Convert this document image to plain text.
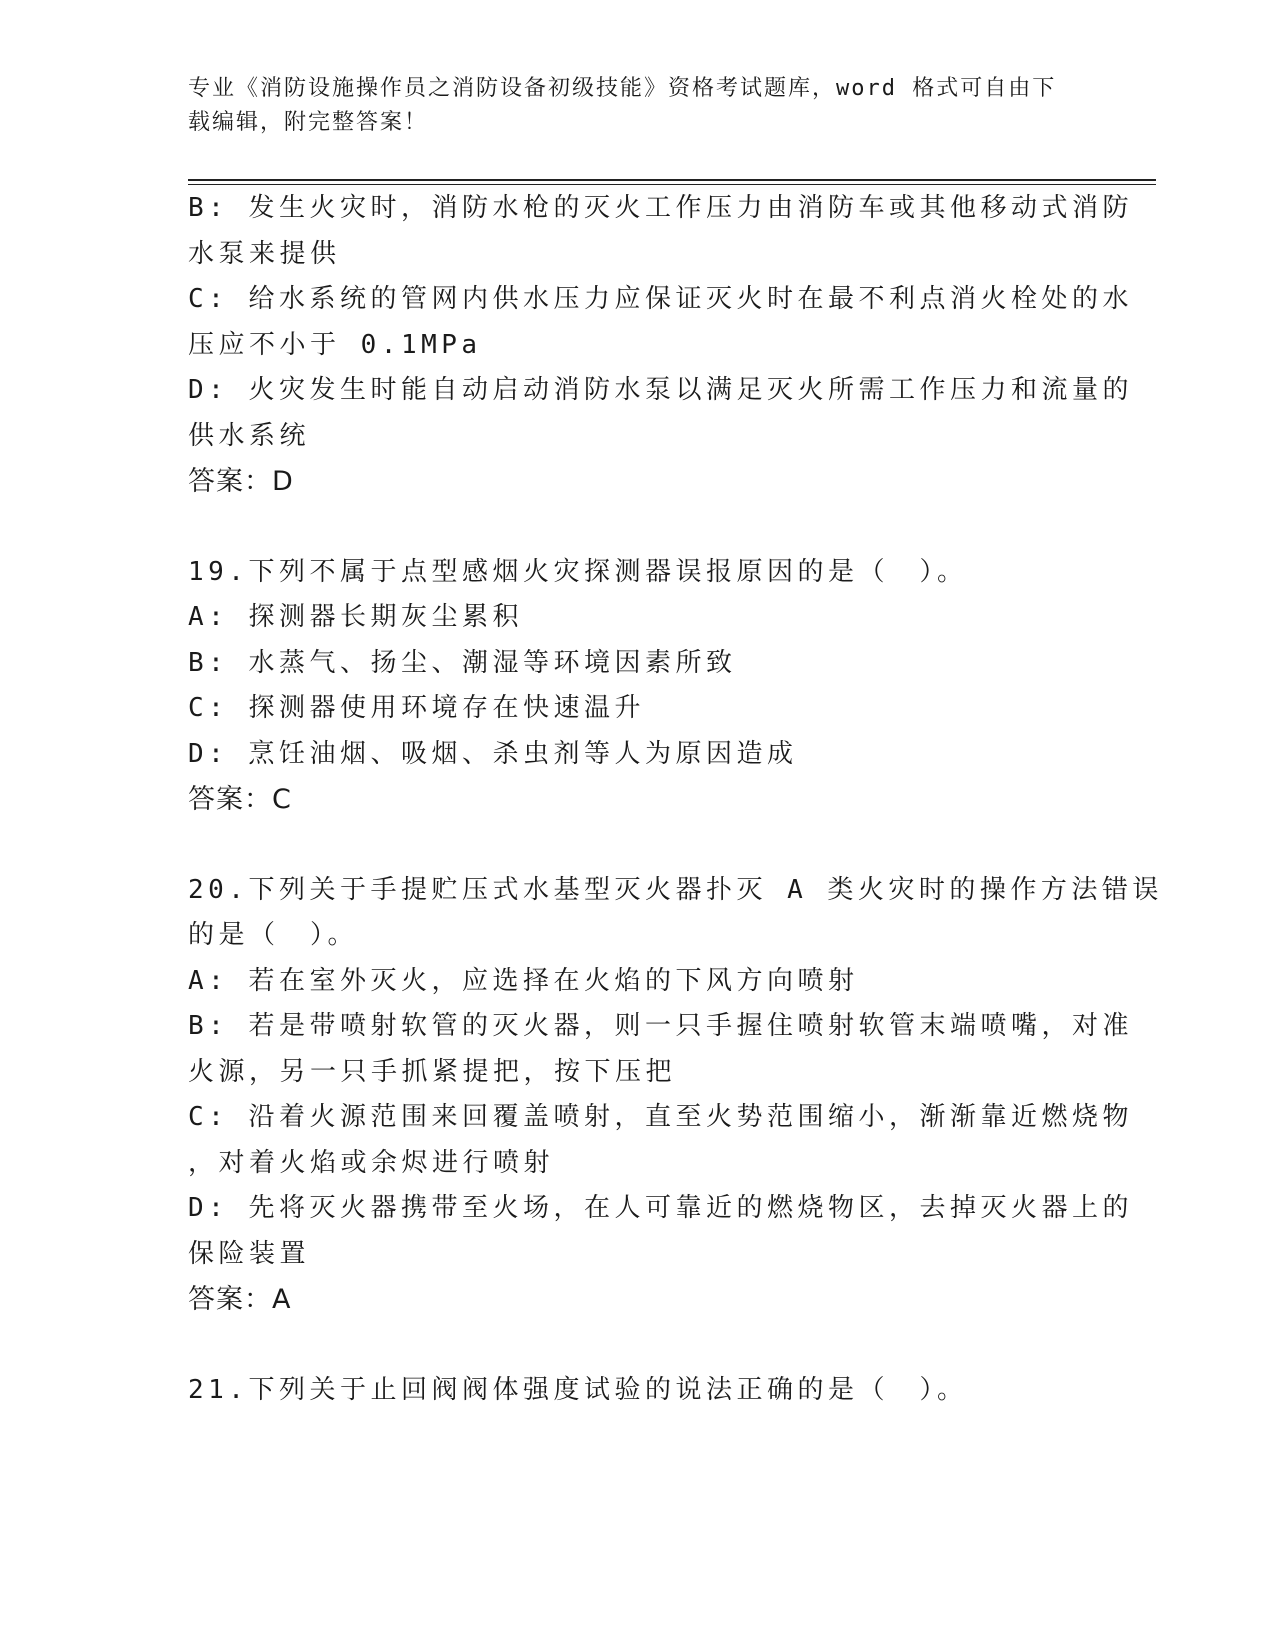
专业《消防设施操作员之消防设备初级技能》资格考试题库，word 格式可自由下
载编辑，附完整答案！

B: 发生火灾时，消防水枪的灭火工作压力由消防车或其他移动式消防

水泵来提供

C: 给水系统的管网内供水压力应保证灭火时在最不利点消火栓处的水

压应不小于 0.1MPa

D: 火灾发生时能自动启动消防水泵以满足灭火所需工作压力和流量的

供水系统

答案：D

19.下列不属于点型感烟火灾探测器误报原因的是（　）。

A: 探测器长期灰尘累积

B: 水蒸气、扬尘、潮湿等环境因素所致

C: 探测器使用环境存在快速温升

D: 烹饪油烟、吸烟、杀虫剂等人为原因造成

答案：C

20.下列关于手提贮压式水基型灭火器扑灭 A 类火灾时的操作方法错误

的是（　）。

A: 若在室外灭火，应选择在火焰的下风方向喷射

B: 若是带喷射软管的灭火器，则一只手握住喷射软管末端喷嘴，对准

火源，另一只手抓紧提把，按下压把

C: 沿着火源范围来回覆盖喷射，直至火势范围缩小，渐渐靠近燃烧物

，对着火焰或余烬进行喷射

D: 先将灭火器携带至火场，在人可靠近的燃烧物区，去掉灭火器上的

保险装置

答案：A

21.下列关于止回阀阀体强度试验的说法正确的是（　）。
